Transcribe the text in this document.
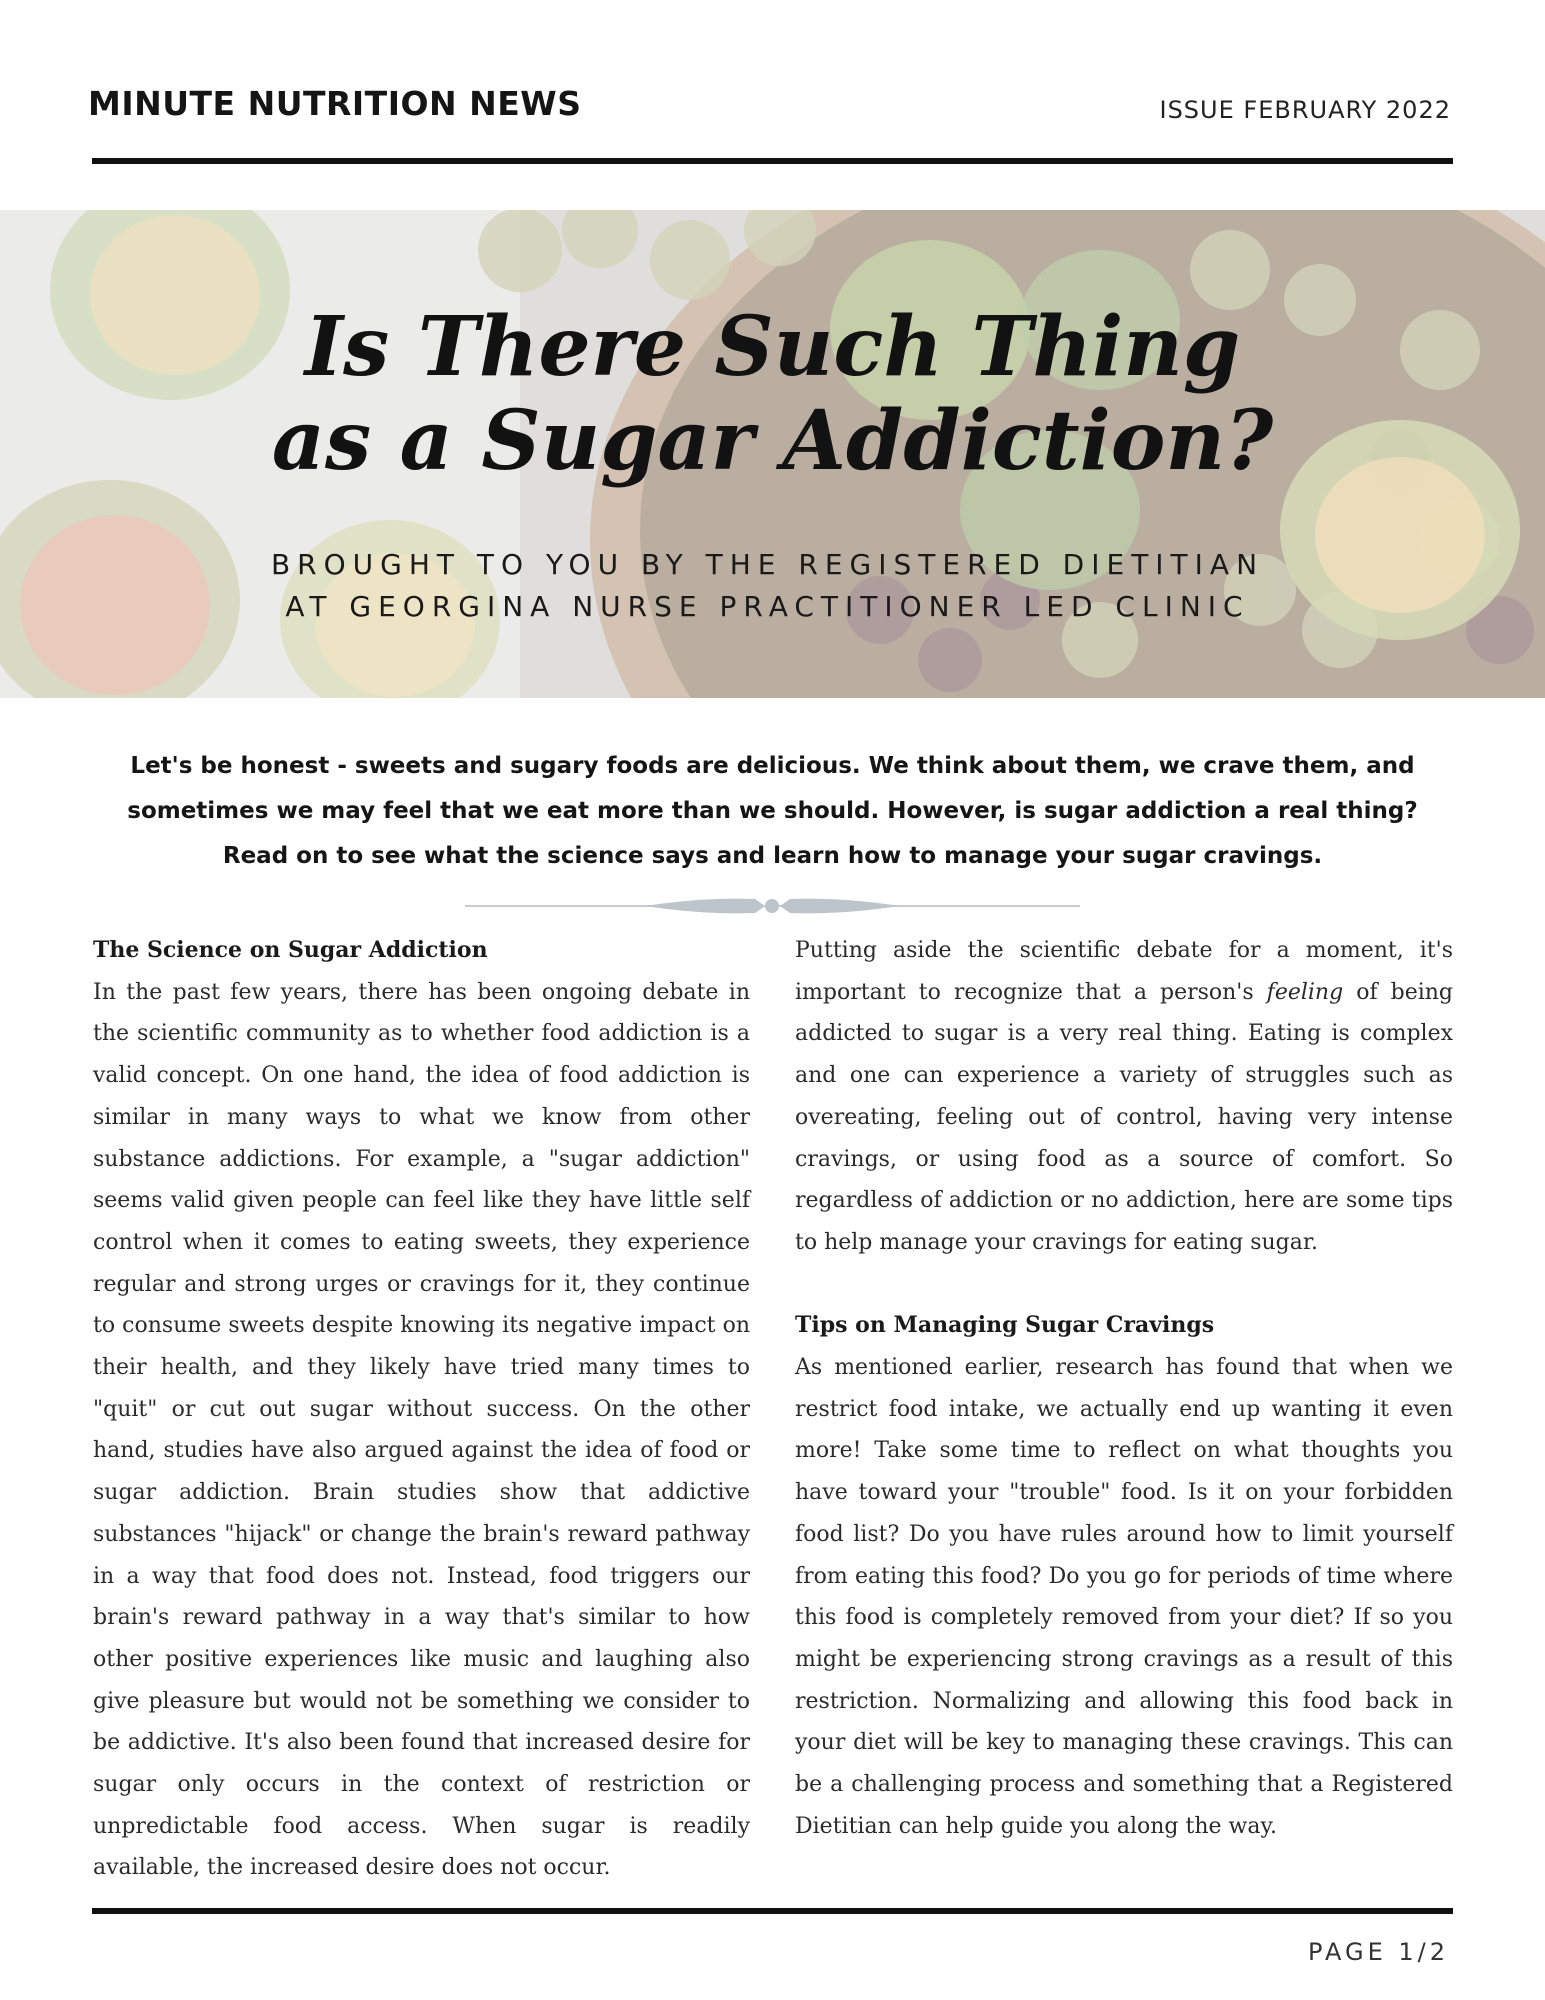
MINUTE NUTRITION NEWS	ISSUE FEBRUARY 2022
Is There Such Thing
as a Sugar Addiction?
BROUGHT TO YOU BY THE REGISTERED DIETITIAN
AT GEORGINA NURSE PRACTITIONER LED CLINIC
Let's be honest - sweets and sugary foods are delicious. We think about them, we crave them, and sometimes we may feel that we eat more than we should. However, is sugar addiction a real thing? Read on to see what the science says and learn how to manage your sugar cravings.
The Science on Sugar Addiction

In the past few years, there has been ongoing debate in the scientific community as to whether food addiction is a valid concept. On one hand, the idea of food addiction is similar in many ways to what we know from other substance addictions. For example, a "sugar addiction" seems valid given people can feel like they have little self control when it comes to eating sweets, they experience regular and strong urges or cravings for it, they continue to consume sweets despite knowing its negative impact on their health, and they likely have tried many times to "quit" or cut out sugar without success. On the other hand, studies have also argued against the idea of food or sugar addiction. Brain studies show that addictive substances "hijack" or change the brain's reward pathway in a way that food does not. Instead, food triggers our brain's reward pathway in a way that's similar to how other positive experiences like music and laughing also give pleasure but would not be something we consider to be addictive. It's also been found that increased desire for sugar only occurs in the context of restriction or unpredictable food access. When sugar is readily available, the increased desire does not occur.

Putting aside the scientific debate for a moment, it's important to recognize that a person's feeling of being addicted to sugar is a very real thing. Eating is complex and one can experience a variety of struggles such as overeating, feeling out of control, having very intense cravings, or using food as a source of comfort. So regardless of addiction or no addiction, here are some tips to help manage your cravings for eating sugar.

Tips on Managing Sugar Cravings

As mentioned earlier, research has found that when we restrict food intake, we actually end up wanting it even more! Take some time to reflect on what thoughts you have toward your "trouble" food. Is it on your forbidden food list? Do you have rules around how to limit yourself from eating this food? Do you go for periods of time where this food is completely removed from your diet? If so you might be experiencing strong cravings as a result of this restriction. Normalizing and allowing this food back in your diet will be key to managing these cravings. This can be a challenging process and something that a Registered Dietitian can help guide you along the way.

PAGE 1/2
